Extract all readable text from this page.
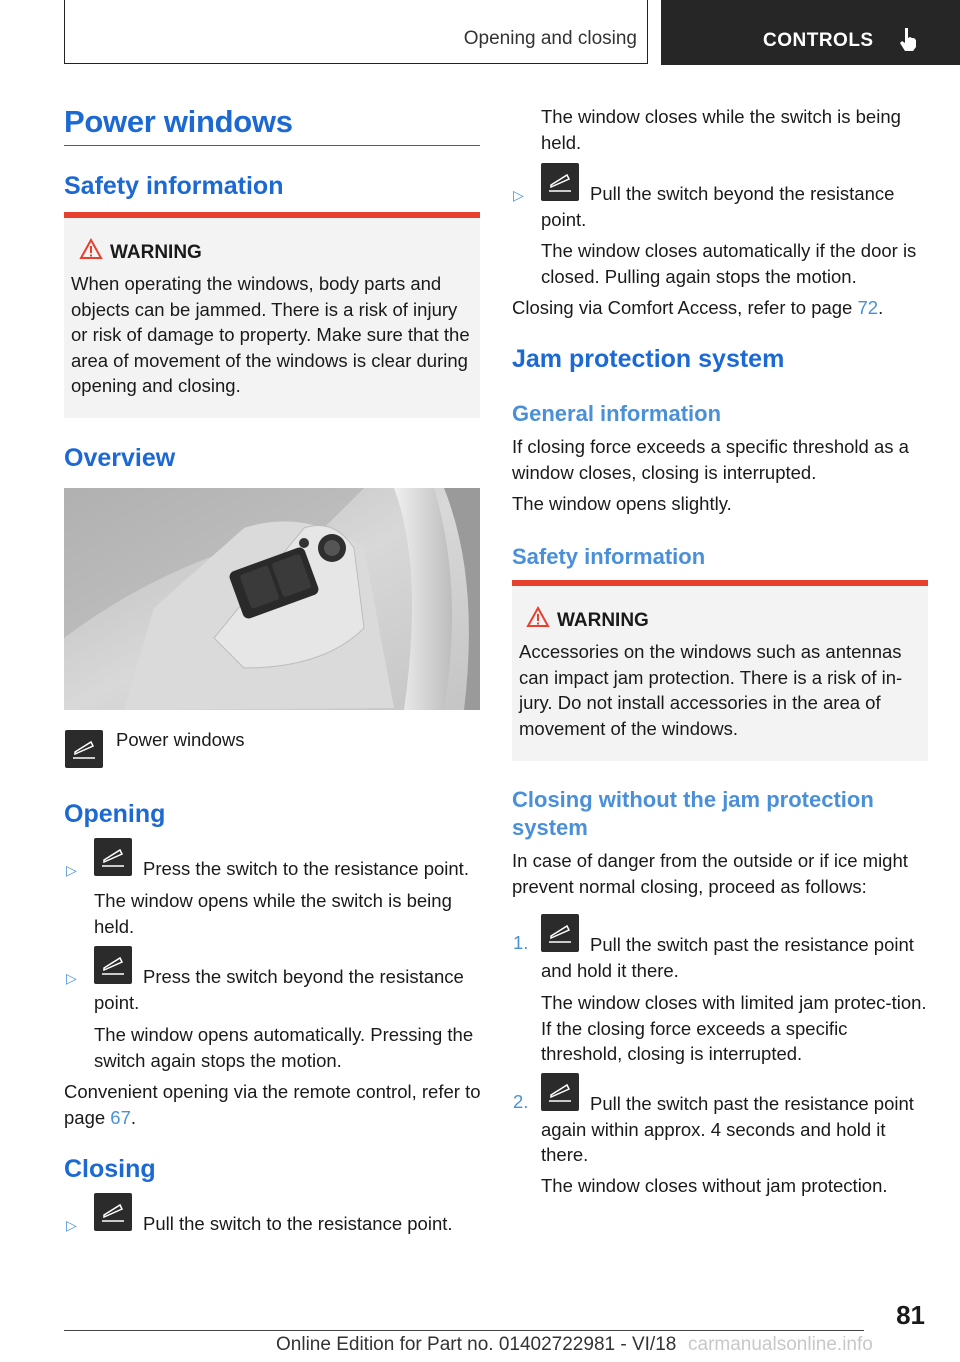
Opening and closing	CONTROLS
Power windows
Safety information
WARNING

When operating the windows, body parts and objects can be jammed. There is a risk of injury or risk of damage to property. Make sure that the area of movement of the windows is clear during opening and closing.

Overview

Power windows

Opening
▷	Press the switch to the resistance point.

The window opens while the switch is being held.

▷	Press the switch beyond the resistance point.

The window opens automatically. Pressing the switch again stops the motion.

Convenient opening via the remote control, refer to page 67.

Closing
▷	Pull the switch to the resistance point.

The window closes while the switch is being held.

▷	Pull the switch beyond the resistance point.

The window closes automatically if the door is closed. Pulling again stops the motion.

Closing via Comfort Access, refer to page 72.

Jam protection system
General information

If closing force exceeds a specific threshold as a window closes, closing is interrupted.

The window opens slightly.

Safety information
WARNING

Accessories on the windows such as antennas can impact jam protection. There is a risk of in-jury. Do not install accessories in the area of movement of the windows.

Closing without the jam protection system

In case of danger from the outside or if ice might prevent normal closing, proceed as follows:

1.	Pull the switch past the resistance point and hold it there.

The window closes with limited jam protec-tion. If the closing force exceeds a specific threshold, closing is interrupted.

2.	Pull the switch past the resistance point again within approx. 4 seconds and hold it there.

The window closes without jam protection.

81
Online Edition for Part no. 01402722981 - VI/18 carmanualsonline.info
